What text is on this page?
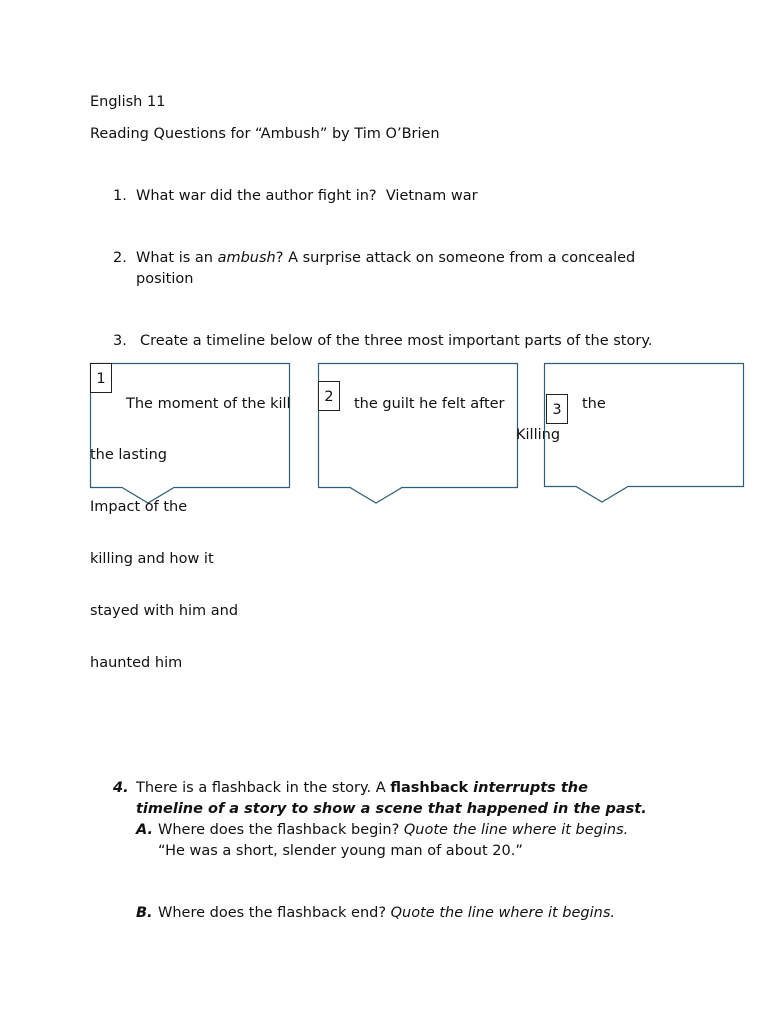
English 11
Reading Questions for “Ambush” by Tim O’Brien
1. What war did the author fight in? Vietnam war
2. What is an ambush? A surprise attack on someone from a concealed
position
3. Create a timeline below of the three most important parts of the story.
1
The moment of the kill	2	the guilt he felt after
Killing
3	the
the lasting
Impact of the
killing and how it
stayed with him and
haunted him
4. There is a flashback in the story. A flashback interrupts the
timeline of a story to show a scene that happened in the past.
A. Where does the flashback begin? Quote the line where it begins.
“He was a short, slender young man of about 20.”
B. Where does the flashback end? Quote the line where it begins.
